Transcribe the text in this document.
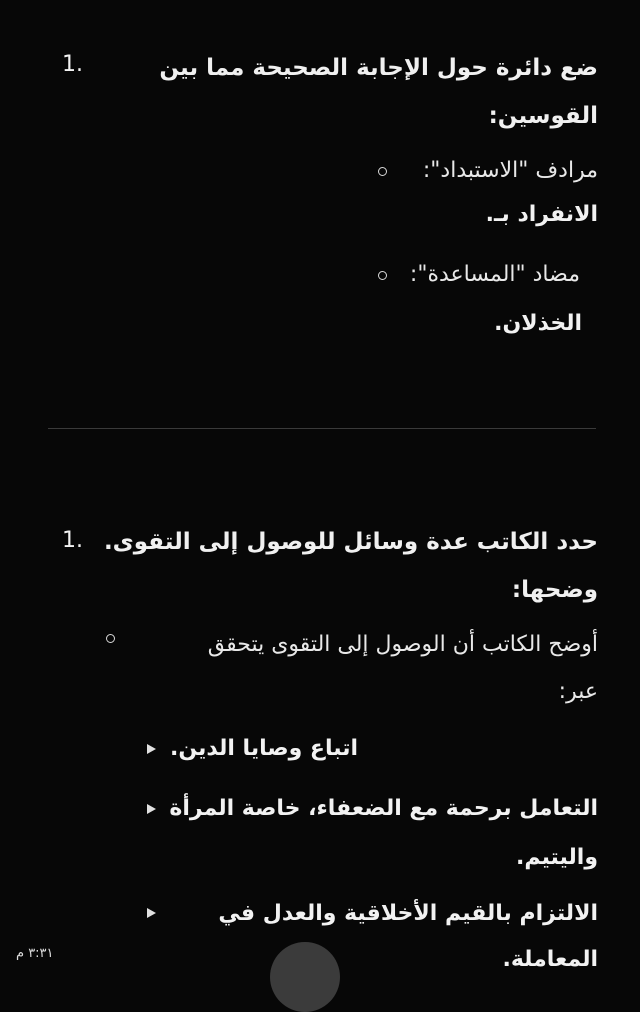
1.	ضع دائرة حول الإجابة الصحيحة مما بين
القوسين:
مرادف "الاستبداد":
الانفراد بـ.
مضاد "المساعدة":
الخذلان.
1. حدد الكاتب عدة وسائل للوصول إلى التقوى.
وضحها:
أوضح الكاتب أن الوصول إلى التقوى يتحقق
عبر:
اتباع وصايا الدين.
التعامل برحمة مع الضعفاء، خاصة المرأة
واليتيم.
الالتزام بالقيم الأخلاقية والعدل في
المعاملة.
٣:٣١ م
